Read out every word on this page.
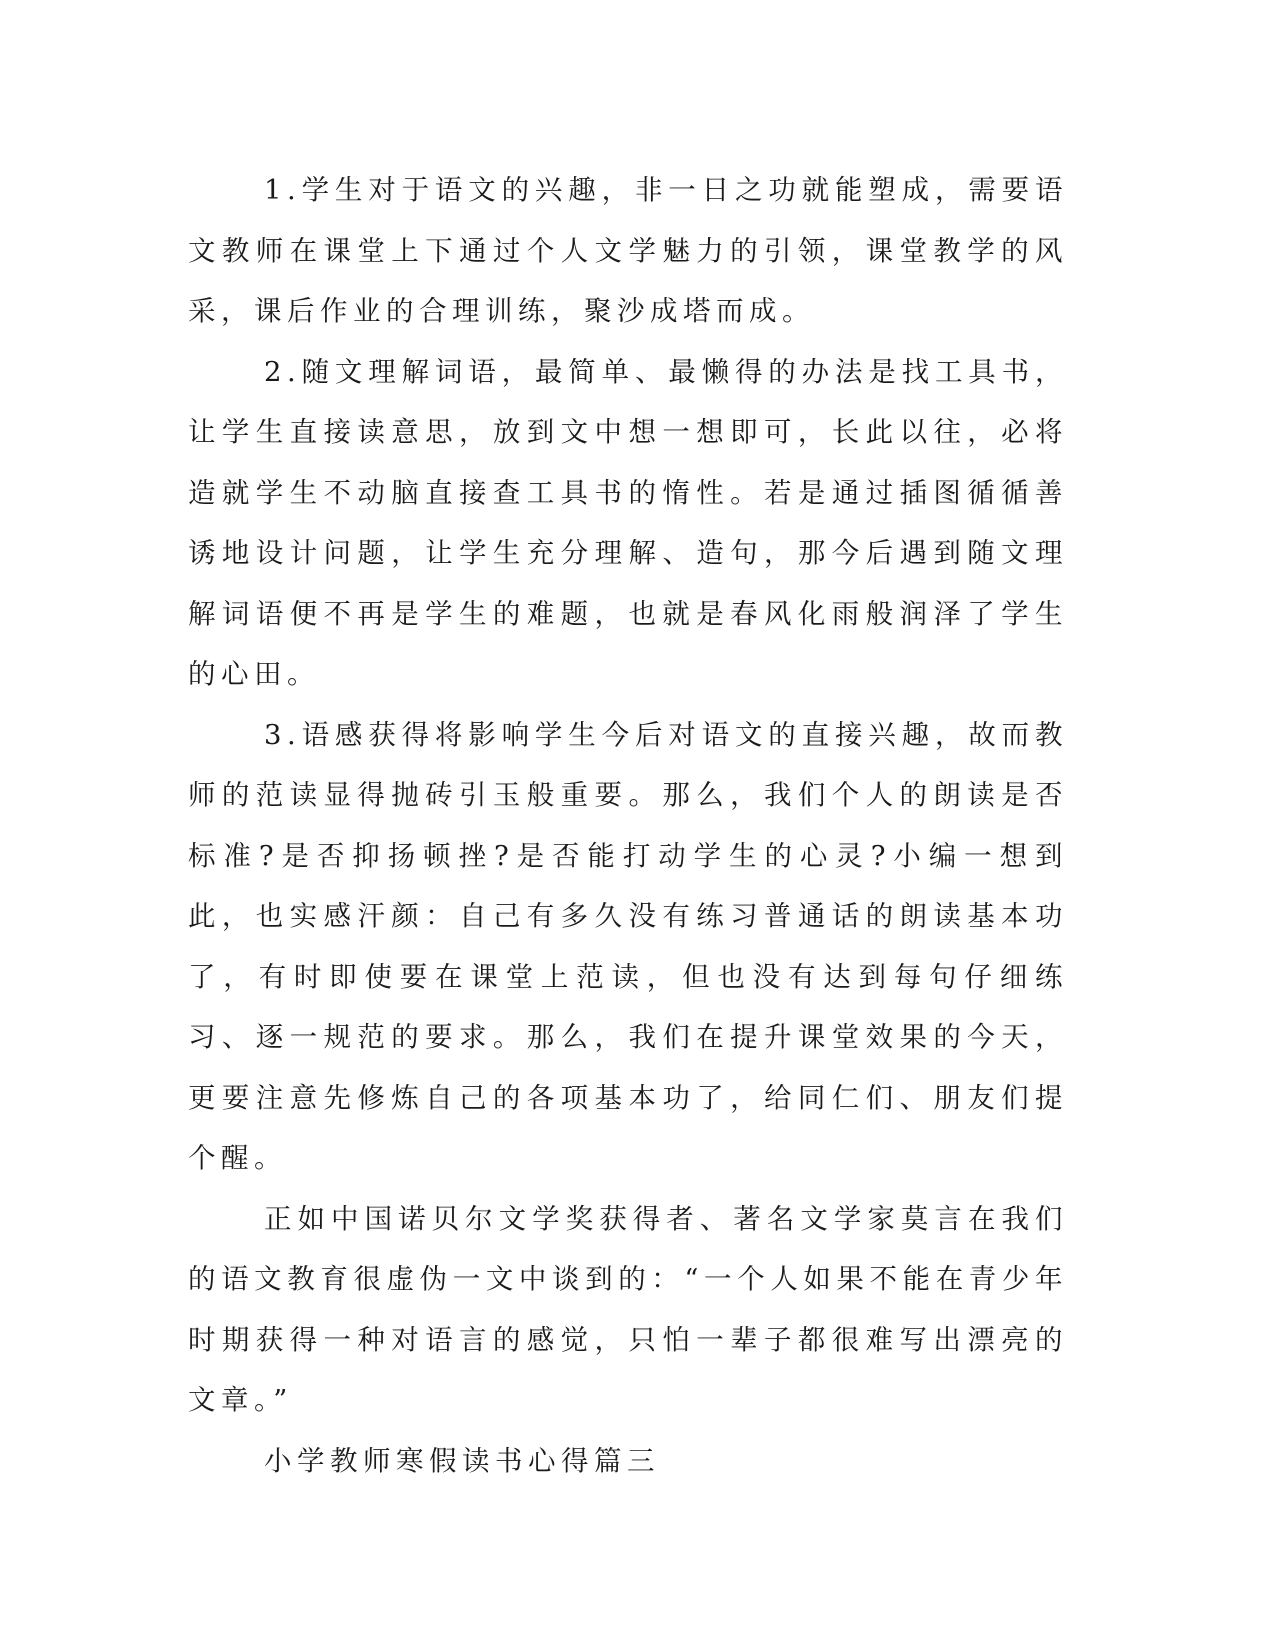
1.学生对于语文的兴趣，非一日之功就能塑成，需要语文教师在课堂上下通过个人文学魅力的引领，课堂教学的风采，课后作业的合理训练，聚沙成塔而成。

2.随文理解词语，最简单、最懒得的办法是找工具书，让学生直接读意思，放到文中想一想即可，长此以往，必将造就学生不动脑直接查工具书的惰性。若是通过插图循循善诱地设计问题，让学生充分理解、造句，那今后遇到随文理解词语便不再是学生的难题，也就是春风化雨般润泽了学生的心田。

3.语感获得将影响学生今后对语文的直接兴趣，故而教师的范读显得抛砖引玉般重要。那么，我们个人的朗读是否标准?是否抑扬顿挫?是否能打动学生的心灵?小编一想到此，也实感汗颜：自己有多久没有练习普通话的朗读基本功了，有时即使要在课堂上范读，但也没有达到每句仔细练习、逐一规范的要求。那么，我们在提升课堂效果的今天，更要注意先修炼自己的各项基本功了，给同仁们、朋友们提个醒。

正如中国诺贝尔文学奖获得者、著名文学家莫言在我们的语文教育很虚伪一文中谈到的：“一个人如果不能在青少年时期获得一种对语言的感觉，只怕一辈子都很难写出漂亮的文章。”

小学教师寒假读书心得篇三
